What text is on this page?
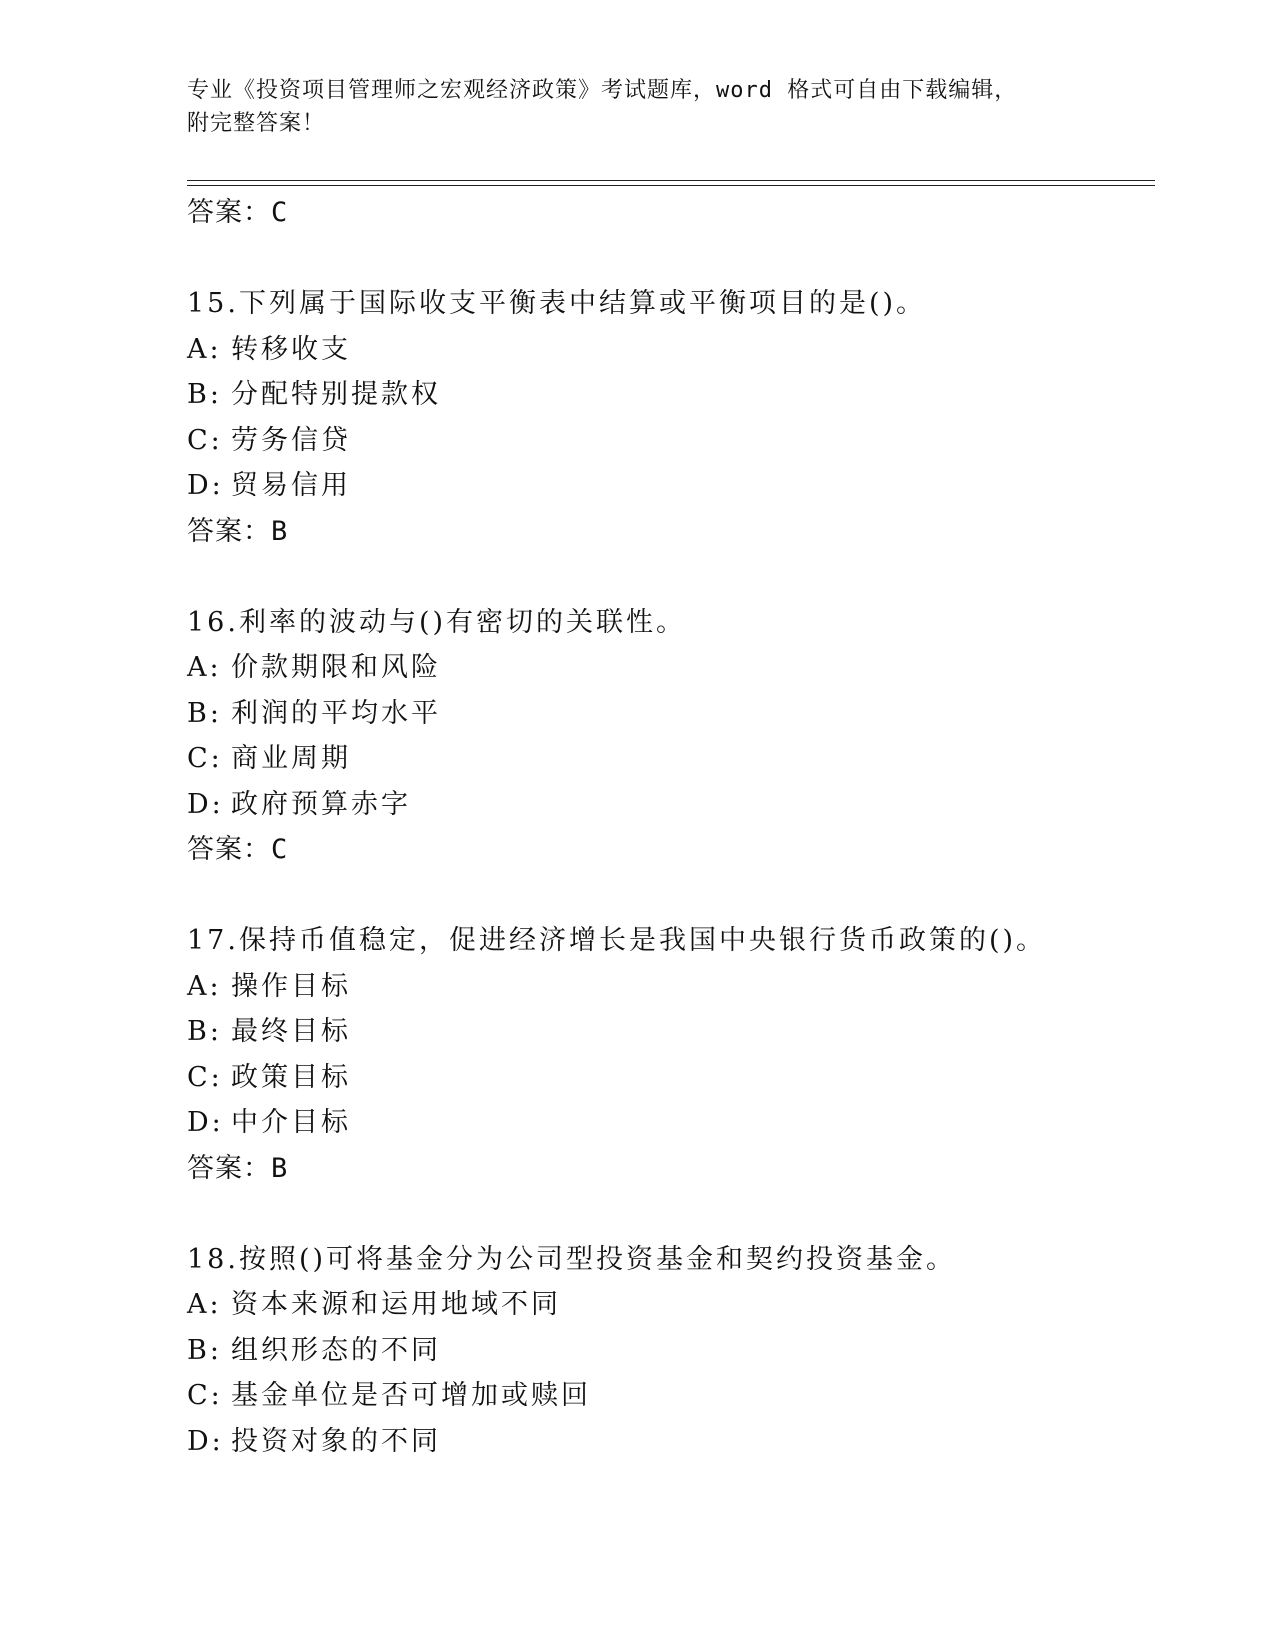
专业《投资项目管理师之宏观经济政策》考试题库，word 格式可自由下载编辑，
附完整答案！
答案：C
15.下列属于国际收支平衡表中结算或平衡项目的是()。
A: 转移收支
B: 分配特别提款权
C: 劳务信贷
D: 贸易信用
答案：B
16.利率的波动与()有密切的关联性。
A: 价款期限和风险
B: 利润的平均水平
C: 商业周期
D: 政府预算赤字
答案：C
17.保持币值稳定，促进经济增长是我国中央银行货币政策的()。
A: 操作目标
B: 最终目标
C: 政策目标
D: 中介目标
答案：B
18.按照()可将基金分为公司型投资基金和契约投资基金。
A: 资本来源和运用地域不同
B: 组织形态的不同
C: 基金单位是否可增加或赎回
D: 投资对象的不同
